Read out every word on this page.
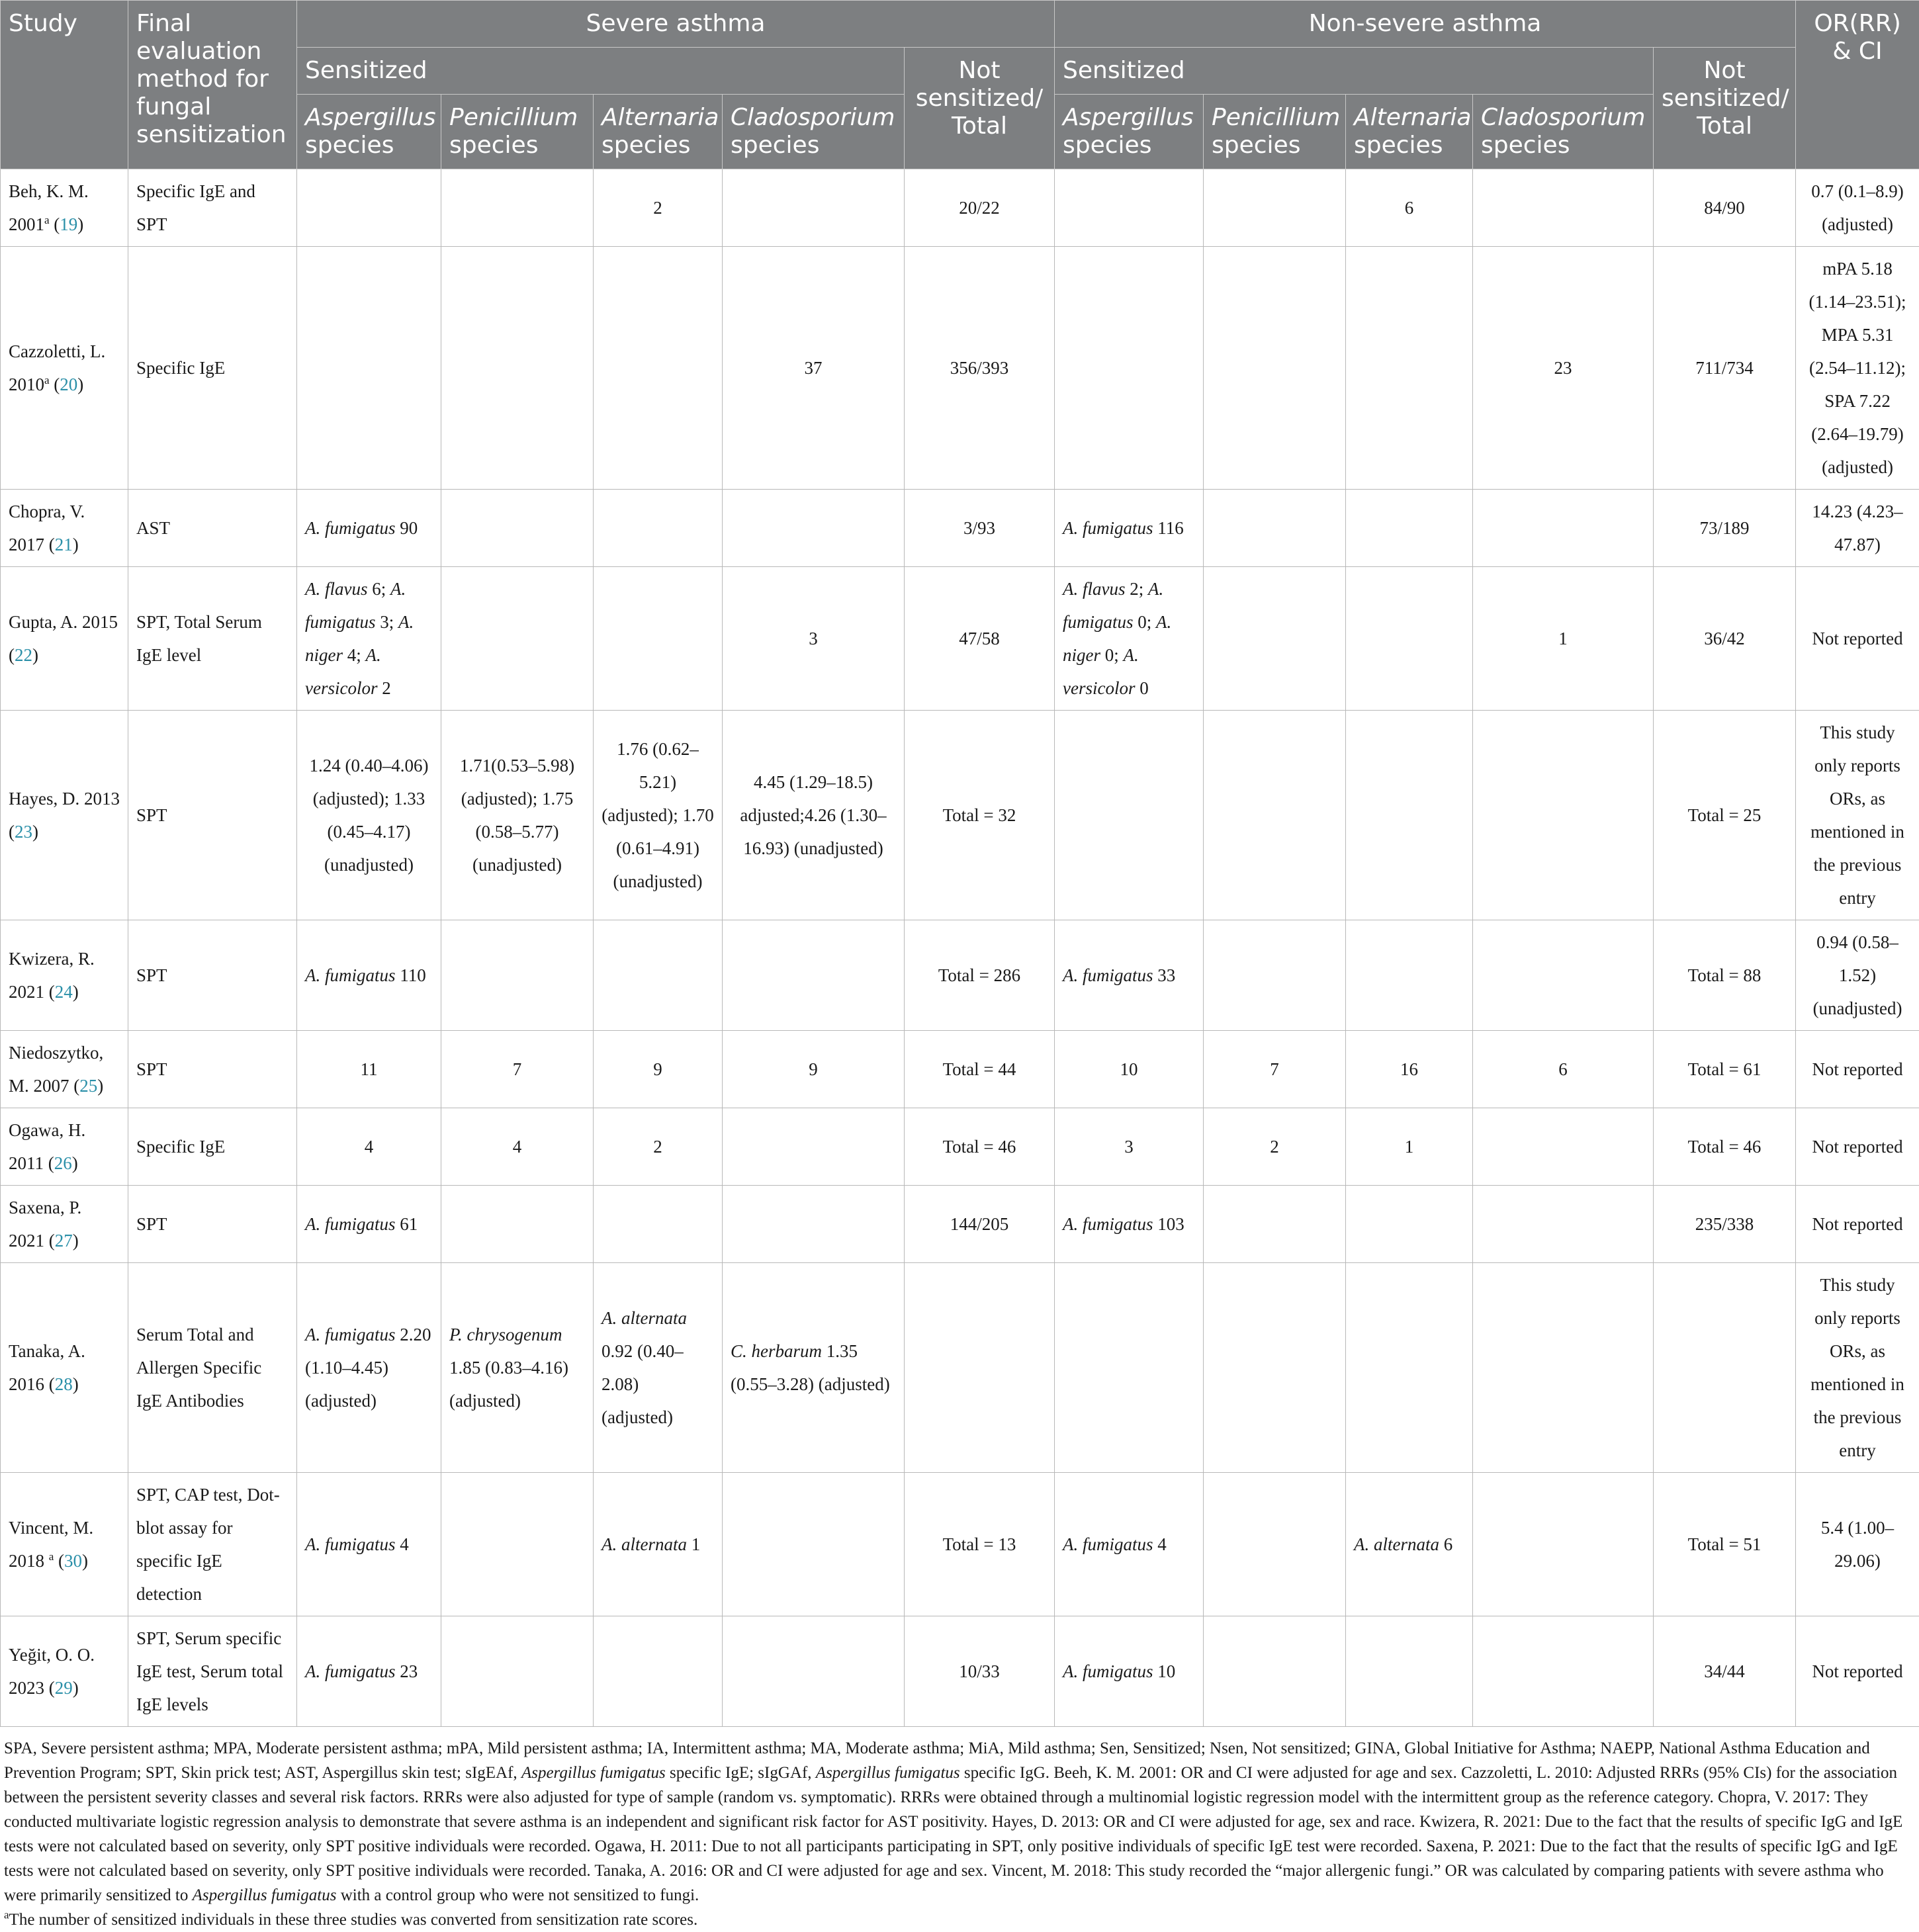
Study	Final evaluation method for fungal sensitization	Severe asthma					Non-severe asthma					OR(RR) & CI
		Sensitized				Not sensitized/ Total	Sensitized				Not sensitized/ Total	
		Aspergillus species	Penicillium species	Alternaria species	Cladosporium species		Aspergillus species	Penicillium species	Alternaria species	Cladosporium species		
Beh, K. M. 2001$^a$ (19)	Specific IgE and SPT			2		20/22			6		84/90	0.7 (0.1–8.9) (adjusted)
Cazzoletti, L. 2010$^a$ (20)	Specific IgE				37	356/393				23	711/734	mPA 5.18 (1.14–23.51); MPA 5.31 (2.54–11.12); SPA 7.22 (2.64–19.79) (adjusted)
Chopra, V. 2017 (21)	AST	A. fumigatus 90				3/93	A. fumigatus 116				73/189	14.23 (4.23–47.87)
Gupta, A. 2015 (22)	SPT, Total Serum IgE level	A. flavus 6; A. fumigatus 3; A. niger 4; A. versicolor 2			3	47/58	A. flavus 2; A. fumigatus 0; A. niger 0; A. versicolor 0			1	36/42	Not reported
Hayes, D. 2013 (23)	SPT	1.24 (0.40–4.06) (adjusted); 1.33 (0.45–4.17) (unadjusted)	1.71(0.53–5.98) (adjusted); 1.75 (0.58–5.77) (unadjusted)	1.76 (0.62–5.21) (adjusted); 1.70 (0.61–4.91) (unadjusted)	4.45 (1.29–18.5) adjusted;4.26 (1.30–16.93) (unadjusted)	Total = 32					Total = 25	This study only reports ORs, as mentioned in the previous entry
Kwizera, R. 2021 (24)	SPT	A. fumigatus 110				Total = 286	A. fumigatus 33				Total = 88	0.94 (0.58–1.52) (unadjusted)
Niedoszytko, M. 2007 (25)	SPT	11	7	9	9	Total = 44	10	7	16	6	Total = 61	Not reported
Ogawa, H. 2011 (26)	Specific IgE	4	4	2		Total = 46	3	2	1		Total = 46	Not reported
Saxena, P. 2021 (27)	SPT	A. fumigatus 61				144/205	A. fumigatus 103				235/338	Not reported
Tanaka, A. 2016 (28)	Serum Total and Allergen Specific IgE Antibodies	A. fumigatus 2.20 (1.10–4.45) (adjusted)	P. chrysogenum 1.85 (0.83–4.16) (adjusted)	A. alternata 0.92 (0.40–2.08) (adjusted)	C. herbarum 1.35 (0.55–3.28) (adjusted)							This study only reports ORs, as mentioned in the previous entry
Vincent, M. 2018 $^a$ (30)	SPT, CAP test, Dot-blot assay for specific IgE detection	A. fumigatus 4		A. alternata 1		Total = 13	A. fumigatus 4		A. alternata 6		Total = 51	5.4 (1.00–29.06)
Yeğit, O. O. 2023 (29)	SPT, Serum specific IgE test, Serum total IgE levels	A. fumigatus 23				10/33	A. fumigatus 10				34/44	Not reported

SPA, Severe persistent asthma; MPA, Moderate persistent asthma; mPA, Mild persistent asthma; IA, Intermittent asthma; MA, Moderate asthma; MiA, Mild asthma; Sen, Sensitized; Nsen, Not sensitized; GINA, Global Initiative for Asthma; NAEPP, National Asthma Education and Prevention Program; SPT, Skin prick test; AST, Aspergillus skin test; sIgEAf, Aspergillus fumigatus specific IgE; sIgGAf, Aspergillus fumigatus specific IgG. Beeh, K. M. 2001: OR and CI were adjusted for age and sex. Cazzoletti, L. 2010: Adjusted RRRs (95% CIs) for the association between the persistent severity classes and several risk factors. RRRs were also adjusted for type of sample (random vs. symptomatic). RRRs were obtained through a multinomial logistic regression model with the intermittent group as the reference category. Chopra, V. 2017: They conducted multivariate logistic regression analysis to demonstrate that severe asthma is an independent and significant risk factor for AST positivity. Hayes, D. 2013: OR and CI were adjusted for age, sex and race. Kwizera, R. 2021: Due to the fact that the results of specific IgG and IgE tests were not calculated based on severity, only SPT positive individuals were recorded. Ogawa, H. 2011: Due to not all participants participating in SPT, only positive individuals of specific IgE test were recorded. Saxena, P. 2021: Due to the fact that the results of specific IgG and IgE tests were not calculated based on severity, only SPT positive individuals were recorded. Tanaka, A. 2016: OR and CI were adjusted for age and sex. Vincent, M. 2018: This study recorded the “major allergenic fungi.” OR was calculated by comparing patients with severe asthma who were primarily sensitized to Aspergillus fumigatus with a control group who were not sensitized to fungi.

$^a$The number of sensitized individuals in these three studies was converted from sensitization rate scores.
